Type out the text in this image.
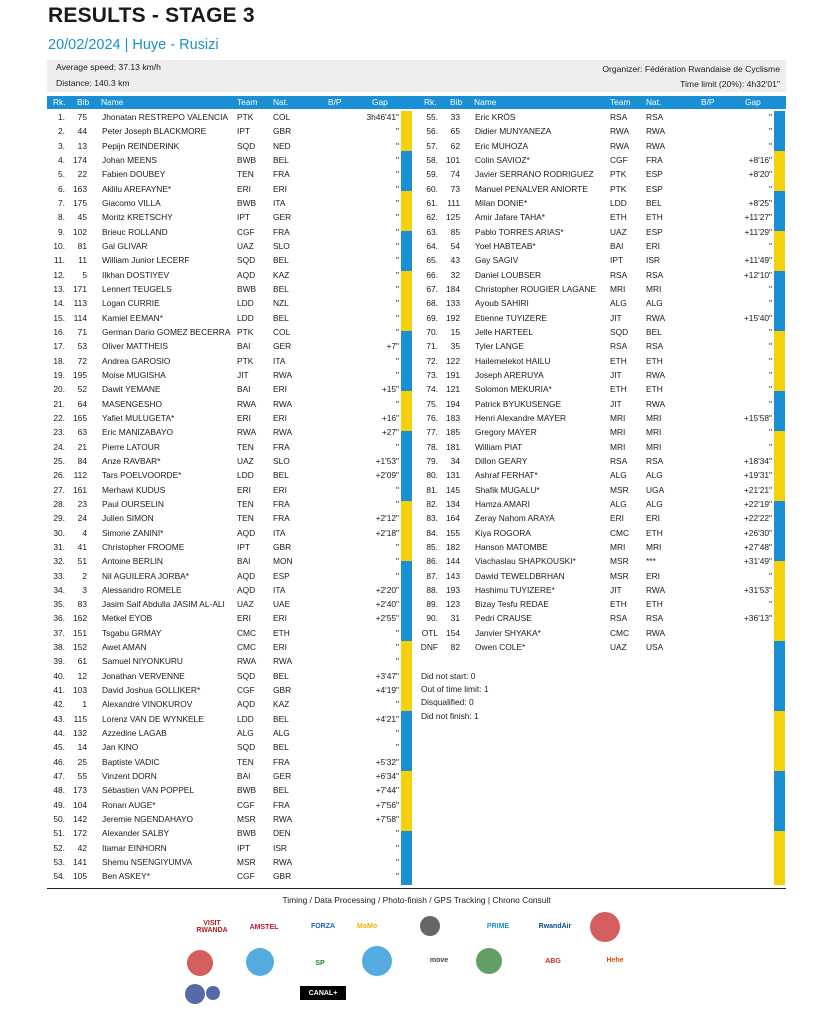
RESULTS - STAGE 3
20/02/2024 | Huye - Rusizi
Average speed: 37.13 km/h
Distance: 140.3 km
Organizer: Fédération Rwandaise de Cyclisme
Time limit (20%): 4h32'01"
Rk. Bib Name	Team Nat.	B/P	Gap	Rk. Bib Name	Team Nat.	B/P	Gap
1.	75 Jhonatan RESTREPO VALENCIA	PTK COL	3h46'41"
2.	44 Peter Joseph BLACKMORE	IPT	GBR	"
3.	13 Pepijn REINDERINK	SQD NED	"
4. 174 Johan MEENS	BWB BEL	"
5.	22 Fabien DOUBEY	TEN FRA	"
6. 163 Aklilu AREFAYNE*	ERI	ERI	"
7. 175 Giacomo VILLA	BWB ITA	"
8.	45 Moritz KRETSCHY	IPT	GER	"
9. 102 Brieuc ROLLAND	CGF FRA	"
10.	81 Gal GLIVAR	UAZ SLO	"
11.	11 William Junior LECERF	SQD BEL	"
12.	5 Ilkhan DOSTIYEV	AQD KAZ	"
13. 171 Lennert TEUGELS	BWB BEL	"
14.	113 Logan CURRIE	LDD NZL	"
15.	114 Kamiel EEMAN*	LDD BEL	"
16.	71 German Dario GOMEZ BECERRA PTK COL	"
17.	53 Oliver MATTHEIS	BAI	GER	+7"
18.	72 Andrea GAROSIO	PTK ITA	"
19. 195 Moise MUGISHA	JIT	RWA	"
20.	52 Dawit YEMANE	BAI	ERI	+15"
21.	64 MASENGESHO	RWA RWA	"
22. 165 Yafiet MULUGETA*	ERI	ERI	+16"
23.	63 Eric MANIZABAYO	RWA RWA	+27"
24.	21 Pierre LATOUR	TEN FRA	"
25.	84 Anze RAVBAR*	UAZ SLO	+1'53"
26.	112 Tars POELVOORDE*	LDD BEL	+2'09"
27. 161 Merhawi KUDUS	ERI	ERI	"
28.	23 Paul OURSELIN	TEN FRA	"
29.	24 Julien SIMON	TEN FRA	+2'12"
30.	4 Simone ZANINI*	AQD ITA	+2'18"
31.	41 Christopher FROOME	IPT	GBR	"
32.	51 Antoine BERLIN	BAI	MON	"
33.	2 Nil AGUILERA JORBA*	AQD ESP	"
34.	3 Alessandro ROMELE	AQD ITA	+2'20"
35.	83 Jasim Saif Abdulla JASIM AL-ALI	UAZ UAE	+2'40"
36. 162 Metkel EYOB	ERI	ERI	+2'55"
37. 151 Tsgabu GRMAY	CMC ETH	"
38. 152 Awet AMAN	CMC ERI	"
39.	61 Samuel NIYONKURU	RWA RWA	"
40.	12 Jonathan VERVENNE	SQD BEL	+3'47"
41. 103 David Joshua GOLLIKER*	CGF GBR	+4'19"
42.	1 Alexandre VINOKUROV	AQD KAZ	"
43.	115 Lorenz VAN DE WYNKELE	LDD BEL	+4'21"
44. 132 Azzedine LAGAB	ALG ALG	"
45.	14 Jan KINO	SQD BEL	"
46.	25 Baptiste VADIC	TEN FRA	+5'32"
47.	55 Vinzent DORN	BAI	GER	+6'34"
48. 173 Sébastien VAN POPPEL	BWB BEL	+7'44"
49. 104 Ronan AUGE*	CGF FRA	+7'56"
50. 142 Jeremie NGENDAHAYO	MSR RWA	+7'58"
51. 172 Alexander SALBY	BWB DEN	"
52.	42 Itamar EINHORN	IPT	ISR	"
53. 141 Shemu NSENGIYUMVA	MSR RWA	"
54. 105 Ben ASKEY*	CGF GBR	"
55.	33 Eric KRÖS	RSA RSA	"
56.	65 Didier MUNYANEZA	RWA RWA	"
57.	62 Eric MUHOZA	RWA RWA	"
58. 101 Colin SAVIOZ*	CGF FRA	+8'16"
59.	74 Javier SERRANO RODRIGUEZ	PTK ESP	+8'20"
60.	73 Manuel PENALVER ANIORTE	PTK ESP	"
61.	111 Milan DONIE*	LDD BEL	+8'25"
62. 125 Amir Jafare TAHA*	ETH ETH	+11'27"
63.	85 Pablo TORRES ARIAS*	UAZ ESP	+11'29"
64.	54 Yoel HABTEAB*	BAI	ERI	"
65.	43 Gay SAGIV	IPT	ISR	+11'49"
66.	32 Daniel LOUBSER	RSA RSA	+12'10"
67. 184 Christopher ROUGIER LAGANE	MRI MRI	"
68. 133 Ayoub SAHIRI	ALG ALG	"
69. 192 Etienne TUYIZERE	JIT	RWA	+15'40"
70.	15 Jelle HARTEEL	SQD BEL	"
71.	35 Tyler LANGE	RSA RSA	"
72. 122 Hailemelekot HAILU	ETH ETH	"
73. 191 Joseph ARERUYA	JIT	RWA	"
74. 121 Solomon MEKURIA*	ETH ETH	"
75. 194 Patrick BYUKUSENGE	JIT	RWA	"
76. 183 Henri Alexandre MAYER	MRI MRI	+15'58"
77. 185 Gregory MAYER	MRI MRI	"
78. 181 William PIAT	MRI MRI	"
79.	34 Dillon GEARY	RSA RSA	+18'34"
80. 131 Ashraf FERHAT*	ALG ALG	+19'31"
81. 145 Shafik MUGALU*	MSR UGA	+21'21"
82. 134 Hamza AMARI	ALG ALG	+22'19"
83. 164 Zeray Nahom ARAYA	ERI	ERI	+22'22"
84. 155 Kiya ROGORA	CMC ETH	+26'30"
85. 182 Hanson MATOMBE	MRI MRI	+27'48"
86. 144 Viachaslau SHAPKOUSKI*	MSR ***	+31'49"
87. 143 Dawid TEWELDBRHAN	MSR ERI	"
88. 193 Hashimu TUYIZERE*	JIT	RWA	+31'53"
89. 123 Bizay Tesfu REDAE	ETH ETH	"
90.	31 Pedri CRAUSE	RSA RSA	+36'13"
OTL 154 Janvier SHYAKA*	CMC RWA
DNF	82 Owen COLE*	UAZ USA
Did not start: 0
Out of time limit: 1
Disqualified: 0
Did not finish: 1
Timing / Data Processing / Photo-finish / GPS Tracking | Chrono Consult
VISIT RWANDA	AMSTEL	FORZA	MoMo	PRIME	RwandAir
SP	move	ABG	Hehe
CANAL+
